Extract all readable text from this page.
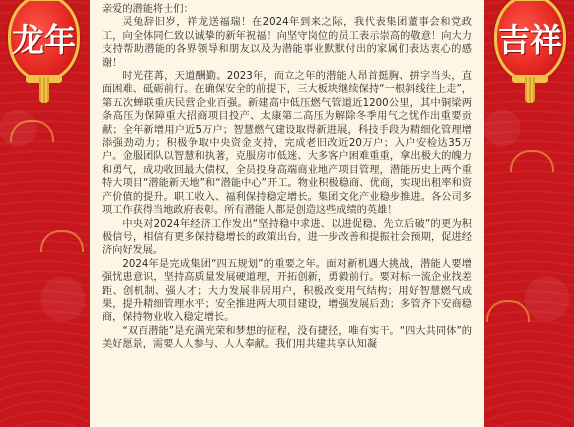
龙年	吉祥

亲爱的潜能将士们：

灵兔辞旧岁，祥龙送福瑞！在2024年到来之际，我代表集团董事会和党政工，向全体同仁致以诚挚的新年祝福！向坚守岗位的员工表示崇高的敬意！向大力支持帮助潜能的各界领导和朋友以及为潜能事业默默付出的家属们表达衷心的感谢！

时光荏苒，天道酬勤。2023年，而立之年的潜能人昂首挺胸、拼字当头，直面困难、砥砺前行。在确保安全的前提下，三大板块继续保持“一根斜线往上走”，第五次蝉联重庆民营企业百强。新建高中低压燃气管道近1200公里，其中铜梁两条高压为保障重大招商项目投产、太康第二高压为解除冬季用气之忧作出重要贡献；全年新增用户近5万户；智慧燃气建设取得新进展，科技手段为精细化管理增添强劲动力；积极争取中央资金支持，完成老旧改近20万户；入户安检达35万户。金服团队以智慧和执著，克服房市低迷、大多客户困难重重，拿出极大的魄力和勇气，成功收回最大债权，全员投身高端商业地产项目管理，潜能历史上两个重特大项目“潜能新天地”和“潜能中心”开工。物业积极稳商、优商，实现出租率和资产价值的提升。职工收入、福利保持稳定增长。集团文化产业稳步推进。各公司多项工作获得当地政府表彰。所有潜能人都是创造这些成绩的英雄！

中央对2024年经济工作发出“坚持稳中求进、以进促稳、先立后破”的更为积极信号，相信有更多保持稳增长的政策出台，进一步改善和提振社会预期，促进经济向好发展。

2024年是完成集团“四五规划”的重要之年。面对新机遇大挑战，潜能人要增强忧患意识，坚持高质量发展硬道理，开拓创新，勇毅前行。要对标一流企业找差距、创机制、强人才；大力发展非居用户，积极改变用气结构；用好智慧燃气成果，提升精细管理水平；安全推进两大项目建设，增强发展后劲；多管齐下安商稳商，保持物业收入稳定增长。

“双百潜能”是充满光荣和梦想的征程，没有捷径，唯有实干。“四大共同体”的美好愿景，需要人人参与、人人奉献。我们用共建共享认知凝
